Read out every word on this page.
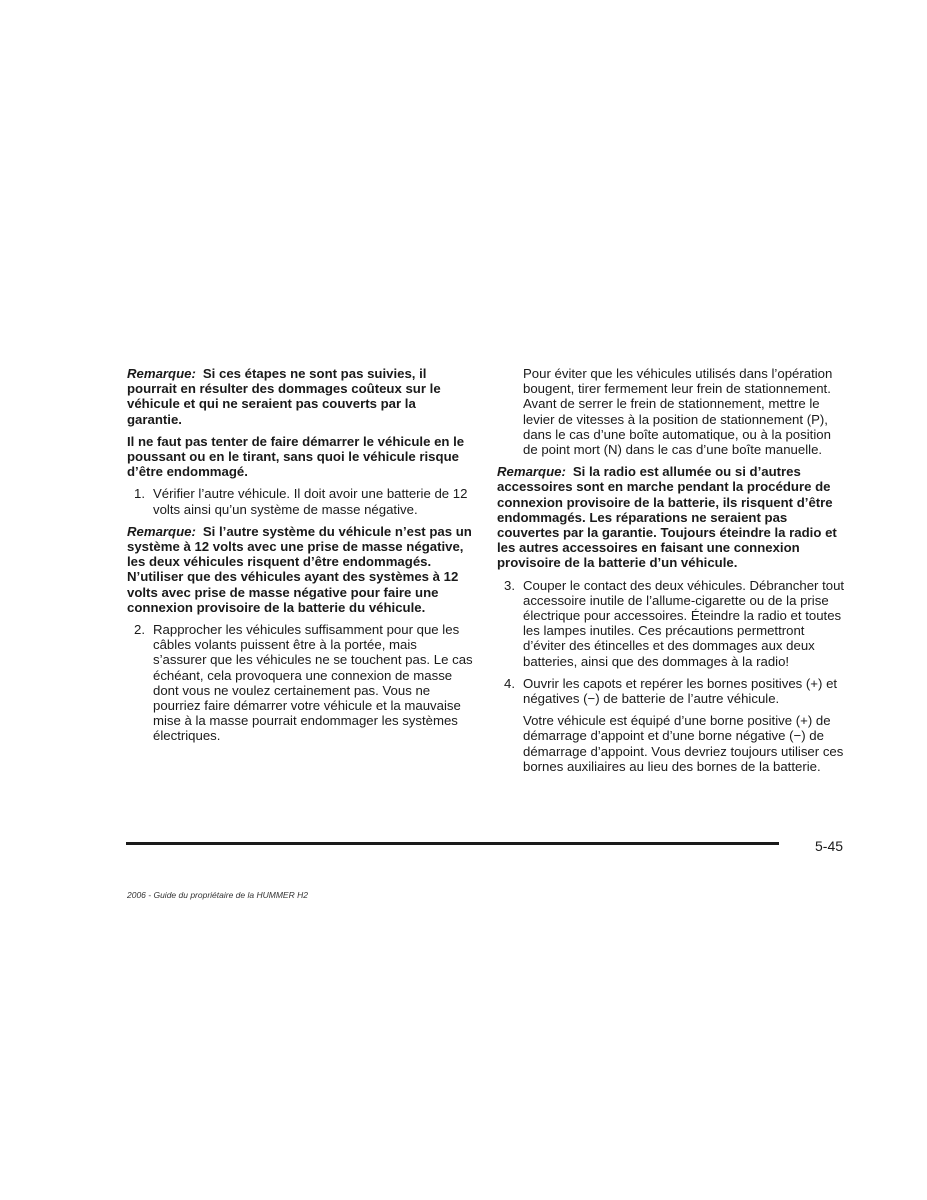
Remarque: Si ces étapes ne sont pas suivies, il pourrait en résulter des dommages coûteux sur le véhicule et qui ne seraient pas couverts par la garantie.

Il ne faut pas tenter de faire démarrer le véhicule en le poussant ou en le tirant, sans quoi le véhicule risque d’être endommagé.

1. Vérifier l’autre véhicule. Il doit avoir une batterie de 12 volts ainsi qu’un système de masse négative.

Remarque: Si l’autre système du véhicule n’est pas un système à 12 volts avec une prise de masse négative, les deux véhicules risquent d’être endommagés. N’utiliser que des véhicules ayant des systèmes à 12 volts avec prise de masse négative pour faire une connexion provisoire de la batterie du véhicule.

2. Rapprocher les véhicules suffisamment pour que les câbles volants puissent être à la portée, mais s’assurer que les véhicules ne se touchent pas. Le cas échéant, cela provoquera une connexion de masse dont vous ne voulez certainement pas. Vous ne pourriez faire démarrer votre véhicule et la mauvaise mise à la masse pourrait endommager les systèmes électriques.

Pour éviter que les véhicules utilisés dans l’opération bougent, tirer fermement leur frein de stationnement. Avant de serrer le frein de stationnement, mettre le levier de vitesses à la position de stationnement (P), dans le cas d’une boîte automatique, ou à la position de point mort (N) dans le cas d’une boîte manuelle.

Remarque: Si la radio est allumée ou si d’autres accessoires sont en marche pendant la procédure de connexion provisoire de la batterie, ils risquent d’être endommagés. Les réparations ne seraient pas couvertes par la garantie. Toujours éteindre la radio et les autres accessoires en faisant une connexion provisoire de la batterie d’un véhicule.

3. Couper le contact des deux véhicules. Débrancher tout accessoire inutile de l’allume-cigarette ou de la prise électrique pour accessoires. Éteindre la radio et toutes les lampes inutiles. Ces précautions permettront d’éviter des étincelles et des dommages aux deux batteries, ainsi que des dommages à la radio!
4. Ouvrir les capots et repérer les bornes positives (+) et négatives (−) de batterie de l’autre véhicule.

Votre véhicule est équipé d’une borne positive (+) de démarrage d’appoint et d’une borne négative (−) de démarrage d’appoint. Vous devriez toujours utiliser ces bornes auxiliaires au lieu des bornes de la batterie.

5-45
2006 - Guide du propriétaire de la HUMMER H2
